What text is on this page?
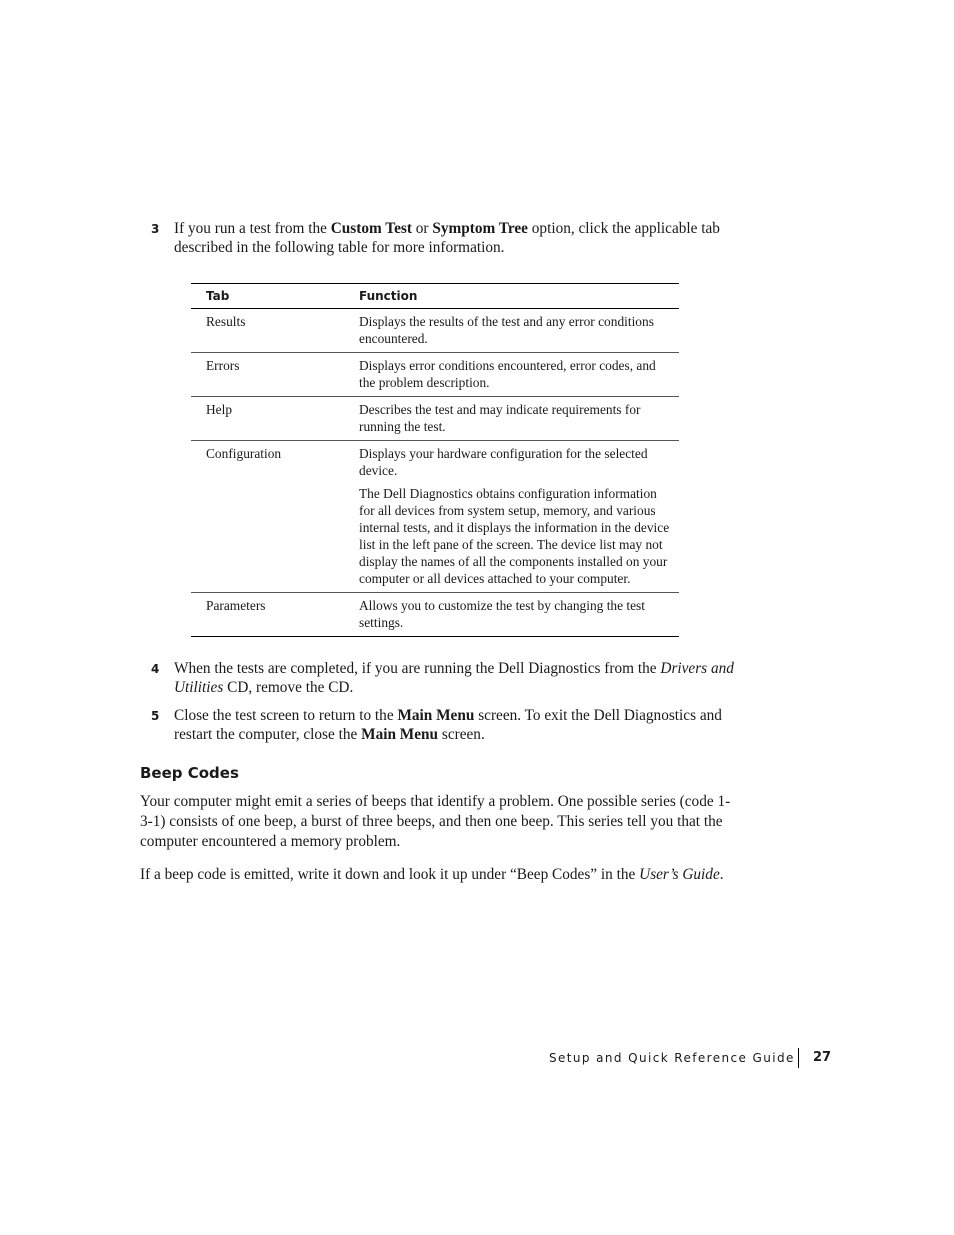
3 If you run a test from the Custom Test or Symptom Tree option, click the applicable tab described in the following table for more information.
Tab	Function
Results	Displays the results of the test and any error conditions encountered.

Errors	Displays error conditions encountered, error codes, and the problem description.

Help	Describes the test and may indicate requirements for running the test.

Configuration	Displays your hardware configuration for the selected device.

The Dell Diagnostics obtains configuration information for all devices from system setup, memory, and various internal tests, and it displays the information in the device list in the left pane of the screen. The device list may not display the names of all the components installed on your computer or all devices attached to your computer.

Parameters	Allows you to customize the test by changing the test settings.

4 When the tests are completed, if you are running the Dell Diagnostics from the Drivers and Utilities CD, remove the CD.
5 Close the test screen to return to the Main Menu screen. To exit the Dell Diagnostics and restart the computer, close the Main Menu screen.
Beep Codes

Your computer might emit a series of beeps that identify a problem. One possible series (code 1-3-1) consists of one beep, a burst of three beeps, and then one beep. This series tell you that the computer encountered a memory problem.

If a beep code is emitted, write it down and look it up under “Beep Codes” in the User’s Guide.

Setup and Quick Reference Guide 27
